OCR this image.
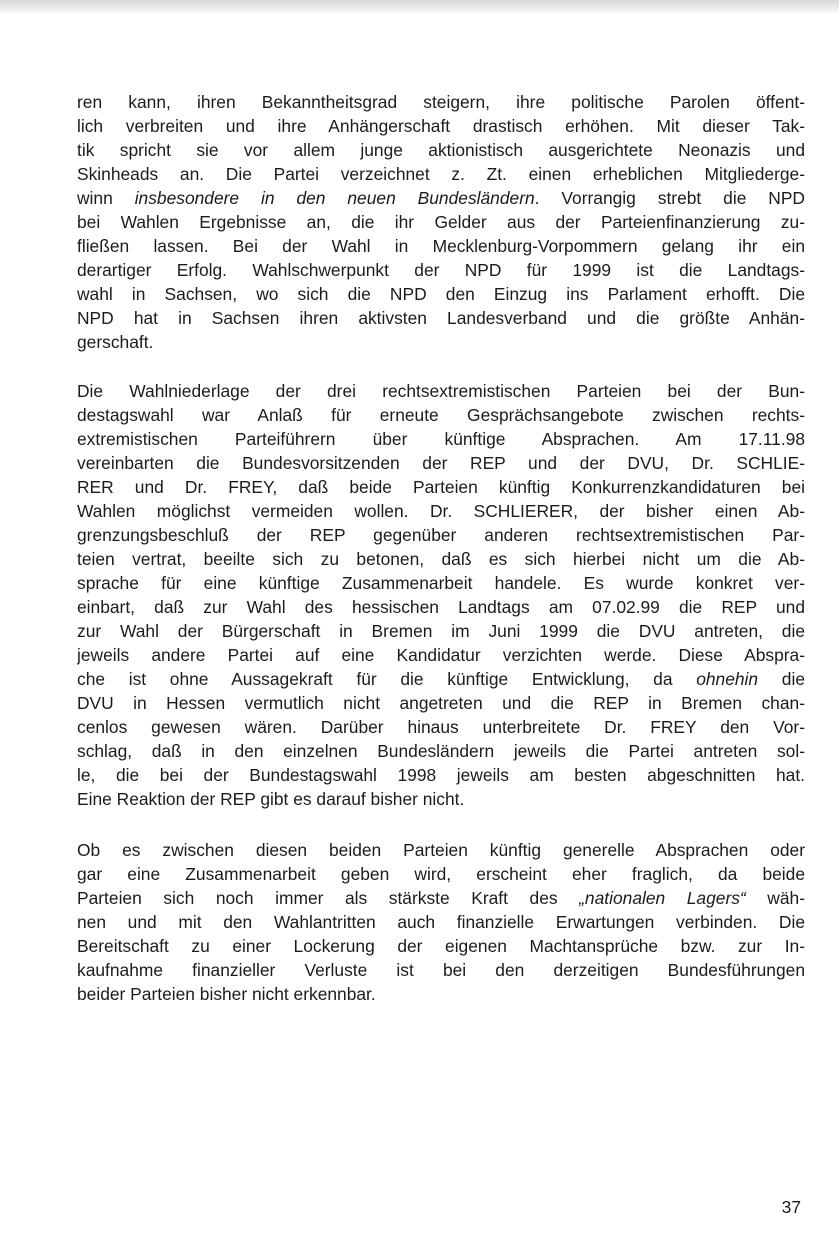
ren kann, ihren Bekanntheitsgrad steigern, ihre politische Parolen öffent-
lich verbreiten und ihre Anhängerschaft drastisch erhöhen. Mit dieser Tak-
tik spricht sie vor allem junge aktionistisch ausgerichtete Neonazis und
Skinheads an. Die Partei verzeichnet z. Zt. einen erheblichen Mitgliederge-
winn insbesondere in den neuen Bundesländern. Vorrangig strebt die NPD
bei Wahlen Ergebnisse an, die ihr Gelder aus der Parteienfinanzierung zu-
fließen lassen. Bei der Wahl in Mecklenburg-Vorpommern gelang ihr ein
derartiger Erfolg. Wahlschwerpunkt der NPD für 1999 ist die Landtags-
wahl in Sachsen, wo sich die NPD den Einzug ins Parlament erhofft. Die
NPD hat in Sachsen ihren aktivsten Landesverband und die größte Anhän-
gerschaft.
Die Wahlniederlage der drei rechtsextremistischen Parteien bei der Bun-
destagswahl war Anlaß für erneute Gesprächsangebote zwischen rechts-
extremistischen Parteiführern über künftige Absprachen. Am 17.11.98
vereinbarten die Bundesvorsitzenden der REP und der DVU, Dr. SCHLIE-
RER und Dr. FREY, daß beide Parteien künftig Konkurrenzkandidaturen bei
Wahlen möglichst vermeiden wollen. Dr. SCHLIERER, der bisher einen Ab-
grenzungsbeschluß der REP gegenüber anderen rechtsextremistischen Par-
teien vertrat, beeilte sich zu betonen, daß es sich hierbei nicht um die Ab-
sprache für eine künftige Zusammenarbeit handele. Es wurde konkret ver-
einbart, daß zur Wahl des hessischen Landtags am 07.02.99 die REP und
zur Wahl der Bürgerschaft in Bremen im Juni 1999 die DVU antreten, die
jeweils andere Partei auf eine Kandidatur verzichten werde. Diese Abspra-
che ist ohne Aussagekraft für die künftige Entwicklung, da ohnehin die
DVU in Hessen vermutlich nicht angetreten und die REP in Bremen chan-
cenlos gewesen wären. Darüber hinaus unterbreitete Dr. FREY den Vor-
schlag, daß in den einzelnen Bundesländern jeweils die Partei antreten sol-
le, die bei der Bundestagswahl 1998 jeweils am besten abgeschnitten hat.
Eine Reaktion der REP gibt es darauf bisher nicht.
Ob es zwischen diesen beiden Parteien künftig generelle Absprachen oder
gar eine Zusammenarbeit geben wird, erscheint eher fraglich, da beide
Parteien sich noch immer als stärkste Kraft des „nationalen Lagers“ wäh-
nen und mit den Wahlantritten auch finanzielle Erwartungen verbinden. Die
Bereitschaft zu einer Lockerung der eigenen Machtansprüche bzw. zur In-
kaufnahme finanzieller Verluste ist bei den derzeitigen Bundesführungen
beider Parteien bisher nicht erkennbar.
37
